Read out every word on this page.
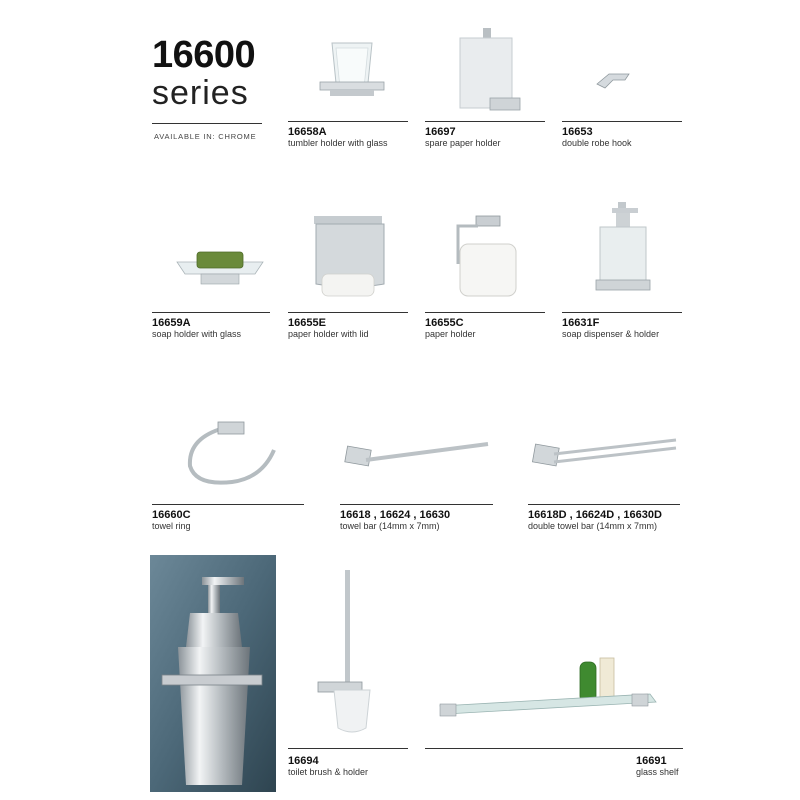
16600
series
AVAILABLE IN: CHROME	16658A
tumbler holder with glass
16697
spare paper holder
16653
double robe hook
16659A
soap holder with glass
16655E
paper holder with lid
16655C
paper holder
16631F
soap dispenser & holder
16660C
towel ring
16618 , 16624 , 16630
towel bar (14mm x 7mm)
16618D , 16624D , 16630D
double towel bar (14mm x 7mm)
16694
toilet brush & holder
16691
glass shelf
